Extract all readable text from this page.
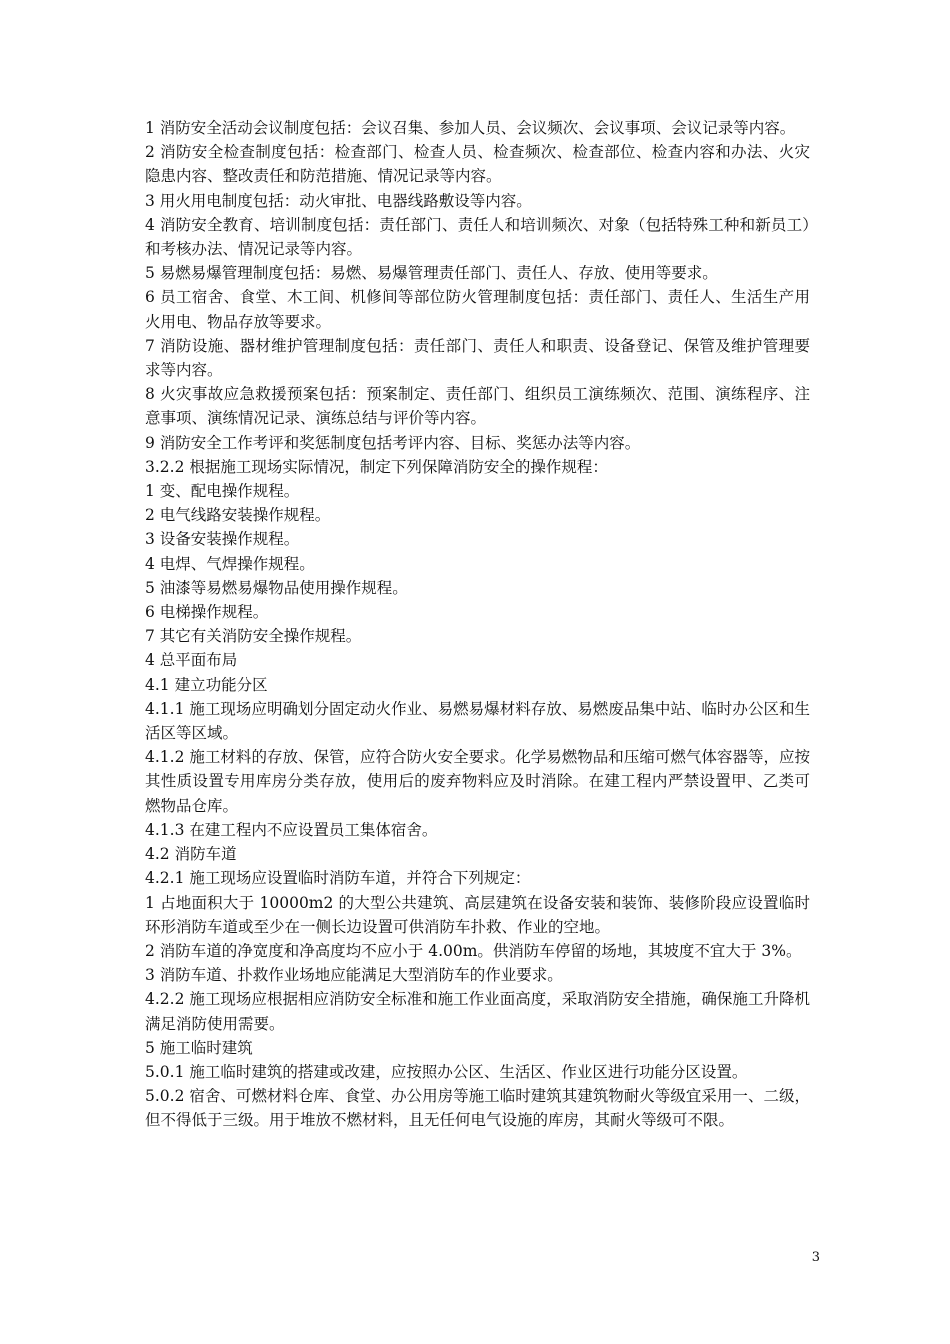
1 消防安全活动会议制度包括：会议召集、参加人员、会议频次、会议事项、会议记录等内容。

2 消防安全检查制度包括：检查部门、检查人员、检查频次、检查部位、检查内容和办法、火灾隐患内容、整改责任和防范措施、情况记录等内容。

3 用火用电制度包括：动火审批、电器线路敷设等内容。

4 消防安全教育、培训制度包括：责任部门、责任人和培训频次、对象（包括特殊工种和新员工）和考核办法、情况记录等内容。

5 易燃易爆管理制度包括：易燃、易爆管理责任部门、责任人、存放、使用等要求。

6 员工宿舍、食堂、木工间、机修间等部位防火管理制度包括：责任部门、责任人、生活生产用火用电、物品存放等要求。

7 消防设施、器材维护管理制度包括：责任部门、责任人和职责、设备登记、保管及维护管理要求等内容。

8 火灾事故应急救援预案包括：预案制定、责任部门、组织员工演练频次、范围、演练程序、注意事项、演练情况记录、演练总结与评价等内容。

9 消防安全工作考评和奖惩制度包括考评内容、目标、奖惩办法等内容。

3.2.2 根据施工现场实际情况，制定下列保障消防安全的操作规程：

1 变、配电操作规程。

2 电气线路安装操作规程。

3 设备安装操作规程。

4 电焊、气焊操作规程。

5 油漆等易燃易爆物品使用操作规程。

6 电梯操作规程。

7 其它有关消防安全操作规程。

4 总平面布局

4.1 建立功能分区

4.1.1 施工现场应明确划分固定动火作业、易燃易爆材料存放、易燃废品集中站、临时办公区和生活区等区域。

4.1.2 施工材料的存放、保管，应符合防火安全要求。化学易燃物品和压缩可燃气体容器等，应按其性质设置专用库房分类存放，使用后的废弃物料应及时消除。在建工程内严禁设置甲、乙类可燃物品仓库。

4.1.3 在建工程内不应设置员工集体宿舍。

4.2 消防车道

4.2.1 施工现场应设置临时消防车道，并符合下列规定：

1 占地面积大于 10000m2 的大型公共建筑、高层建筑在设备安装和装饰、装修阶段应设置临时环形消防车道或至少在一侧长边设置可供消防车扑救、作业的空地。

2 消防车道的净宽度和净高度均不应小于 4.00m。供消防车停留的场地，其坡度不宜大于 3%。

3 消防车道、扑救作业场地应能满足大型消防车的作业要求。

4.2.2 施工现场应根据相应消防安全标准和施工作业面高度，采取消防安全措施，确保施工升降机满足消防使用需要。

5 施工临时建筑

5.0.1 施工临时建筑的搭建或改建，应按照办公区、生活区、作业区进行功能分区设置。

5.0.2 宿舍、可燃材料仓库、食堂、办公用房等施工临时建筑其建筑物耐火等级宜采用一、二级，但不得低于三级。用于堆放不燃材料，且无任何电气设施的库房，其耐火等级可不限。

3
